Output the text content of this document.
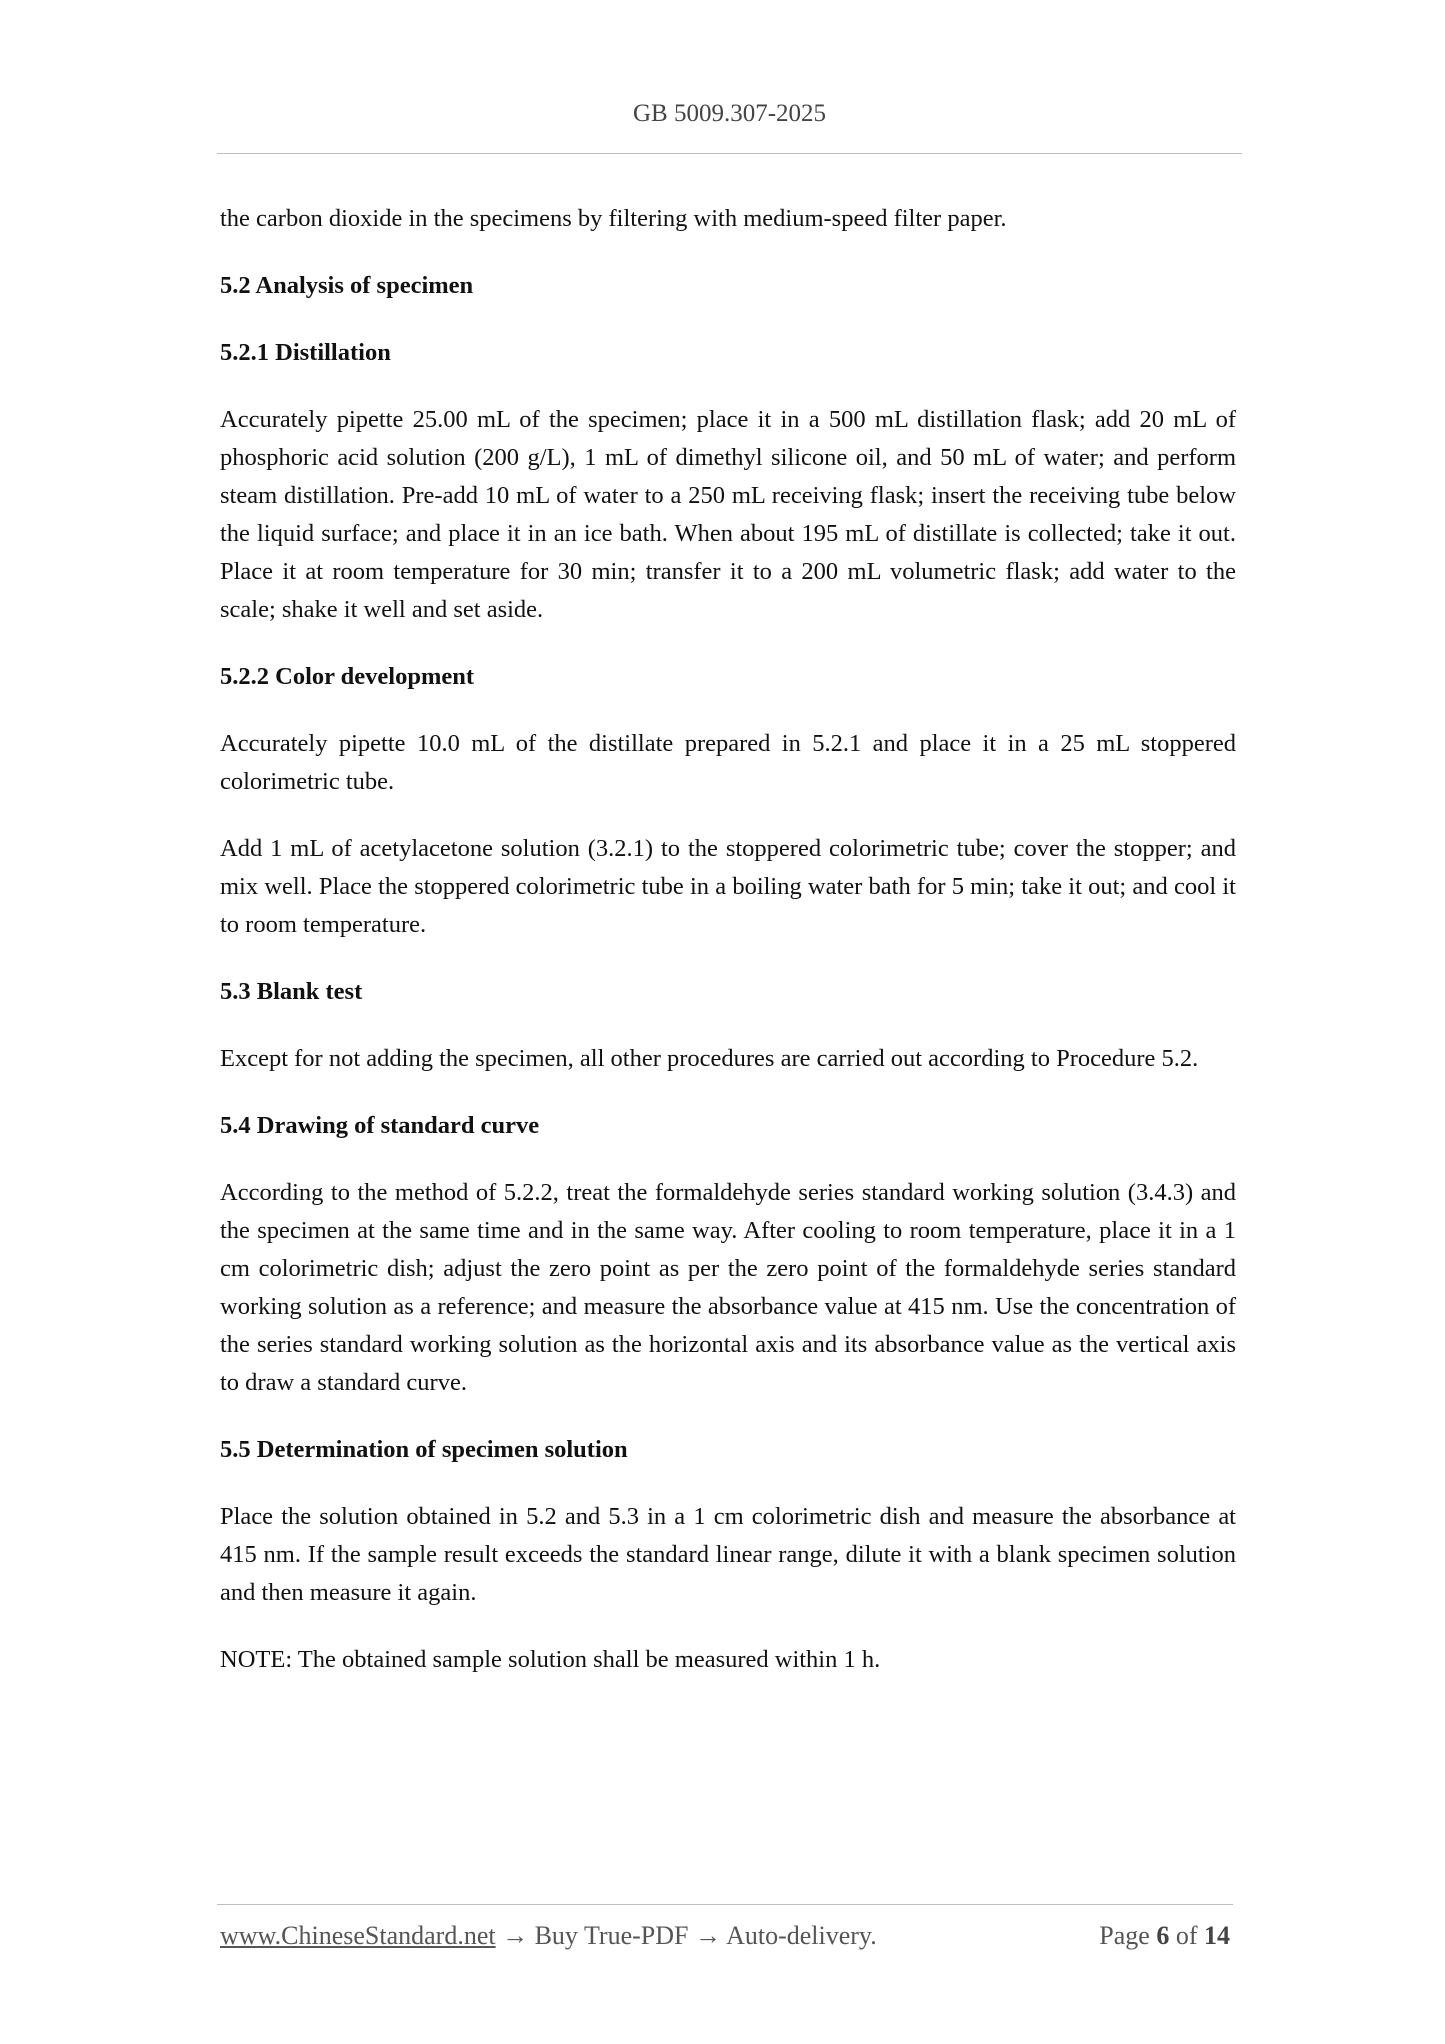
GB 5009.307-2025

the carbon dioxide in the specimens by filtering with medium-speed filter paper.

5.2 Analysis of specimen
5.2.1 Distillation

Accurately pipette 25.00 mL of the specimen; place it in a 500 mL distillation flask; add 20 mL of phosphoric acid solution (200 g/L), 1 mL of dimethyl silicone oil, and 50 mL of water; and perform steam distillation. Pre-add 10 mL of water to a 250 mL receiving flask; insert the receiving tube below the liquid surface; and place it in an ice bath. When about 195 mL of distillate is collected; take it out. Place it at room temperature for 30 min; transfer it to a 200 mL volumetric flask; add water to the scale; shake it well and set aside.

5.2.2 Color development

Accurately pipette 10.0 mL of the distillate prepared in 5.2.1 and place it in a 25 mL stoppered colorimetric tube.

Add 1 mL of acetylacetone solution (3.2.1) to the stoppered colorimetric tube; cover the stopper; and mix well. Place the stoppered colorimetric tube in a boiling water bath for 5 min; take it out; and cool it to room temperature.

5.3 Blank test

Except for not adding the specimen, all other procedures are carried out according to Procedure 5.2.

5.4 Drawing of standard curve

According to the method of 5.2.2, treat the formaldehyde series standard working solution (3.4.3) and the specimen at the same time and in the same way. After cooling to room temperature, place it in a 1 cm colorimetric dish; adjust the zero point as per the zero point of the formaldehyde series standard working solution as a reference; and measure the absorbance value at 415 nm. Use the concentration of the series standard working solution as the horizontal axis and its absorbance value as the vertical axis to draw a standard curve.

5.5 Determination of specimen solution

Place the solution obtained in 5.2 and 5.3 in a 1 cm colorimetric dish and measure the absorbance at 415 nm. If the sample result exceeds the standard linear range, dilute it with a blank specimen solution and then measure it again.

NOTE: The obtained sample solution shall be measured within 1 h.

www.ChineseStandard.net → Buy True-PDF → Auto-delivery.	Page 6 of 14
